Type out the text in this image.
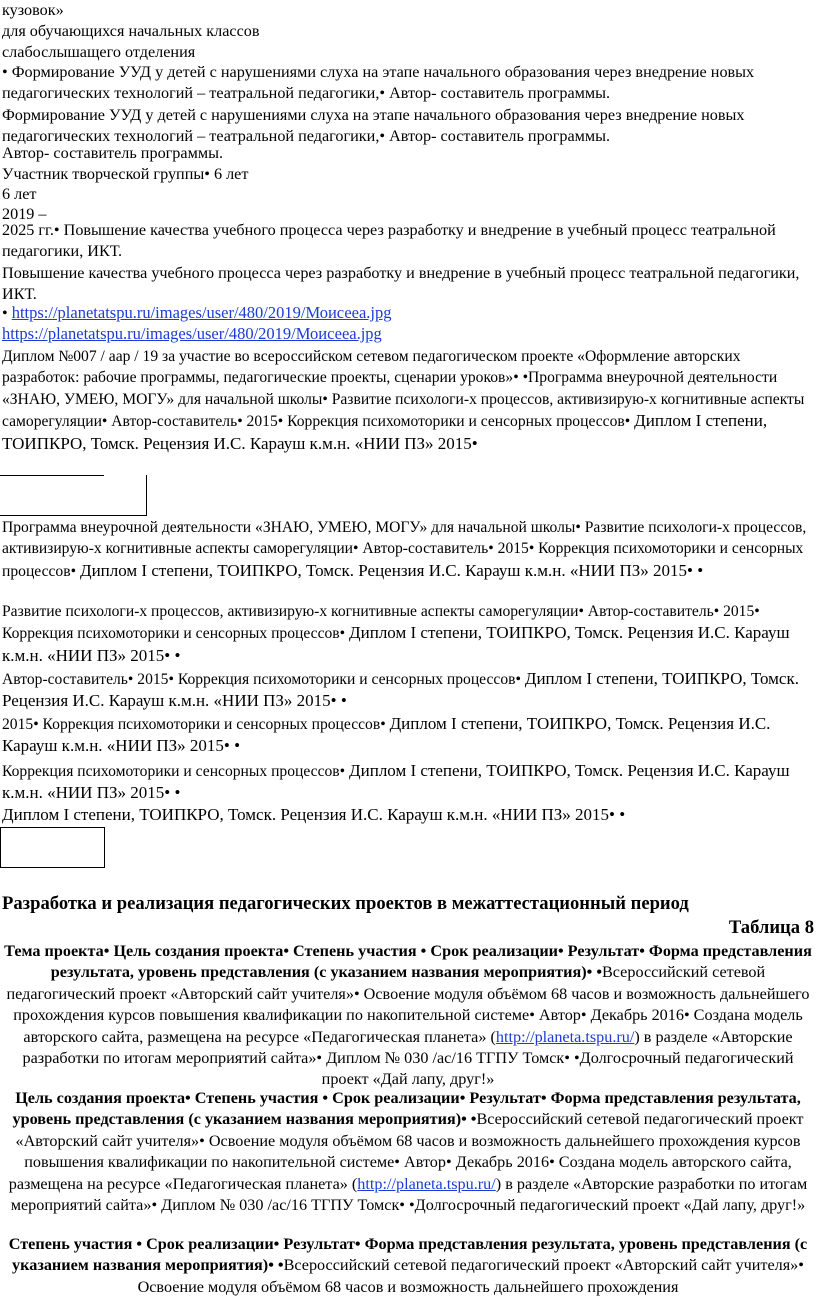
кузовок»

для обучающихся начальных классов

слабослышащего отделения

• Формирование УУД у детей с нарушениями слуха на этапе начального образования через внедрение новых педагогических технологий – театральной педагогики,• Автор- составитель программы.

Формирование УУД у детей с нарушениями слуха на этапе начального образования через внедрение новых педагогических технологий – театральной педагогики,• Автор- составитель программы.

Автор- составитель программы.

Участник творческой группы• 6 лет

6 лет

2019 –

2025 гг.• Повышение качества учебного процесса через разработку и внедрение в учебный процесс театральной педагогики, ИКТ.

Повышение качества учебного процесса через разработку и внедрение в учебный процесс театральной педагогики, ИКТ.

• https://planetatspu.ru/images/user/480/2019/Моисеea.jpg

https://planetatspu.ru/images/user/480/2019/Моисеea.jpg

Диплом №007 / аар / 19 за участие во всероссийском сетевом педагогическом проекте «Оформление авторских разработок: рабочие программы, педагогические проекты, сценарии уроков»• •Программа внеурочной деятельности «ЗНАЮ, УМЕЮ, МОГУ» для начальной школы• Развитие психологи-х процессов, активизирую-х когнитивные аспекты саморегуляции• Автор-составитель• 2015• Коррекция психомоторики и сенсорных процессов• Диплом I степени, ТОИПКРО, Томск. Рецензия И.С. Карауш к.м.н. «НИИ ПЗ» 2015•

Программа внеурочной деятельности «ЗНАЮ, УМЕЮ, МОГУ» для начальной школы• Развитие психологи-х процессов, активизирую-х когнитивные аспекты саморегуляции• Автор-составитель• 2015• Коррекция психомоторики и сенсорных процессов• Диплом I степени, ТОИПКРО, Томск. Рецензия И.С. Карауш к.м.н. «НИИ ПЗ» 2015• •

Развитие психологи-х процессов, активизирую-х когнитивные аспекты саморегуляции• Автор-составитель• 2015• Коррекция психомоторики и сенсорных процессов• Диплом I степени, ТОИПКРО, Томск. Рецензия И.С. Карауш к.м.н. «НИИ ПЗ» 2015• •

Автор-составитель• 2015• Коррекция психомоторики и сенсорных процессов• Диплом I степени, ТОИПКРО, Томск. Рецензия И.С. Карауш к.м.н. «НИИ ПЗ» 2015• •

2015• Коррекция психомоторики и сенсорных процессов• Диплом I степени, ТОИПКРО, Томск. Рецензия И.С. Карауш к.м.н. «НИИ ПЗ» 2015• •

Коррекция психомоторики и сенсорных процессов• Диплом I степени, ТОИПКРО, Томск. Рецензия И.С. Карауш к.м.н. «НИИ ПЗ» 2015• •

Диплом I степени, ТОИПКРО, Томск. Рецензия И.С. Карауш к.м.н. «НИИ ПЗ» 2015• •

Разработка и реализация педагогических проектов в межаттестационный период

Таблица 8

Тема проекта• Цель создания проекта• Степень участия • Срок реализации• Результат• Форма представления результата, уровень представления (с указанием названия мероприятия)• •Всероссийский сетевой педагогический проект «Авторский сайт учителя»• Освоение модуля объёмом 68 часов и возможность дальнейшего прохождения курсов повышения квалификации по накопительной системе• Автор• Декабрь 2016• Создана модель авторского сайта, размещена на ресурсе «Педагогическая планета» (http://planeta.tspu.ru/) в разделе «Авторские разработки по итогам мероприятий сайта»• Диплом № 030 /ас/16 ТГПУ Томск• •Долгосрочный педагогический проект «Дай лапу, друг!»

Цель создания проекта• Степень участия • Срок реализации• Результат• Форма представления результата, уровень представления (с указанием названия мероприятия)• •Всероссийский сетевой педагогический проект «Авторский сайт учителя»• Освоение модуля объёмом 68 часов и возможность дальнейшего прохождения курсов повышения квалификации по накопительной системе• Автор• Декабрь 2016• Создана модель авторского сайта, размещена на ресурсе «Педагогическая планета» (http://planeta.tspu.ru/) в разделе «Авторские разработки по итогам мероприятий сайта»• Диплом № 030 /ас/16 ТГПУ Томск• •Долгосрочный педагогический проект «Дай лапу, друг!»

Степень участия • Срок реализации• Результат• Форма представления результата, уровень представления (с указанием названия мероприятия)• •Всероссийский сетевой педагогический проект «Авторский сайт учителя»• Освоение модуля объёмом 68 часов и возможность дальнейшего прохождения
